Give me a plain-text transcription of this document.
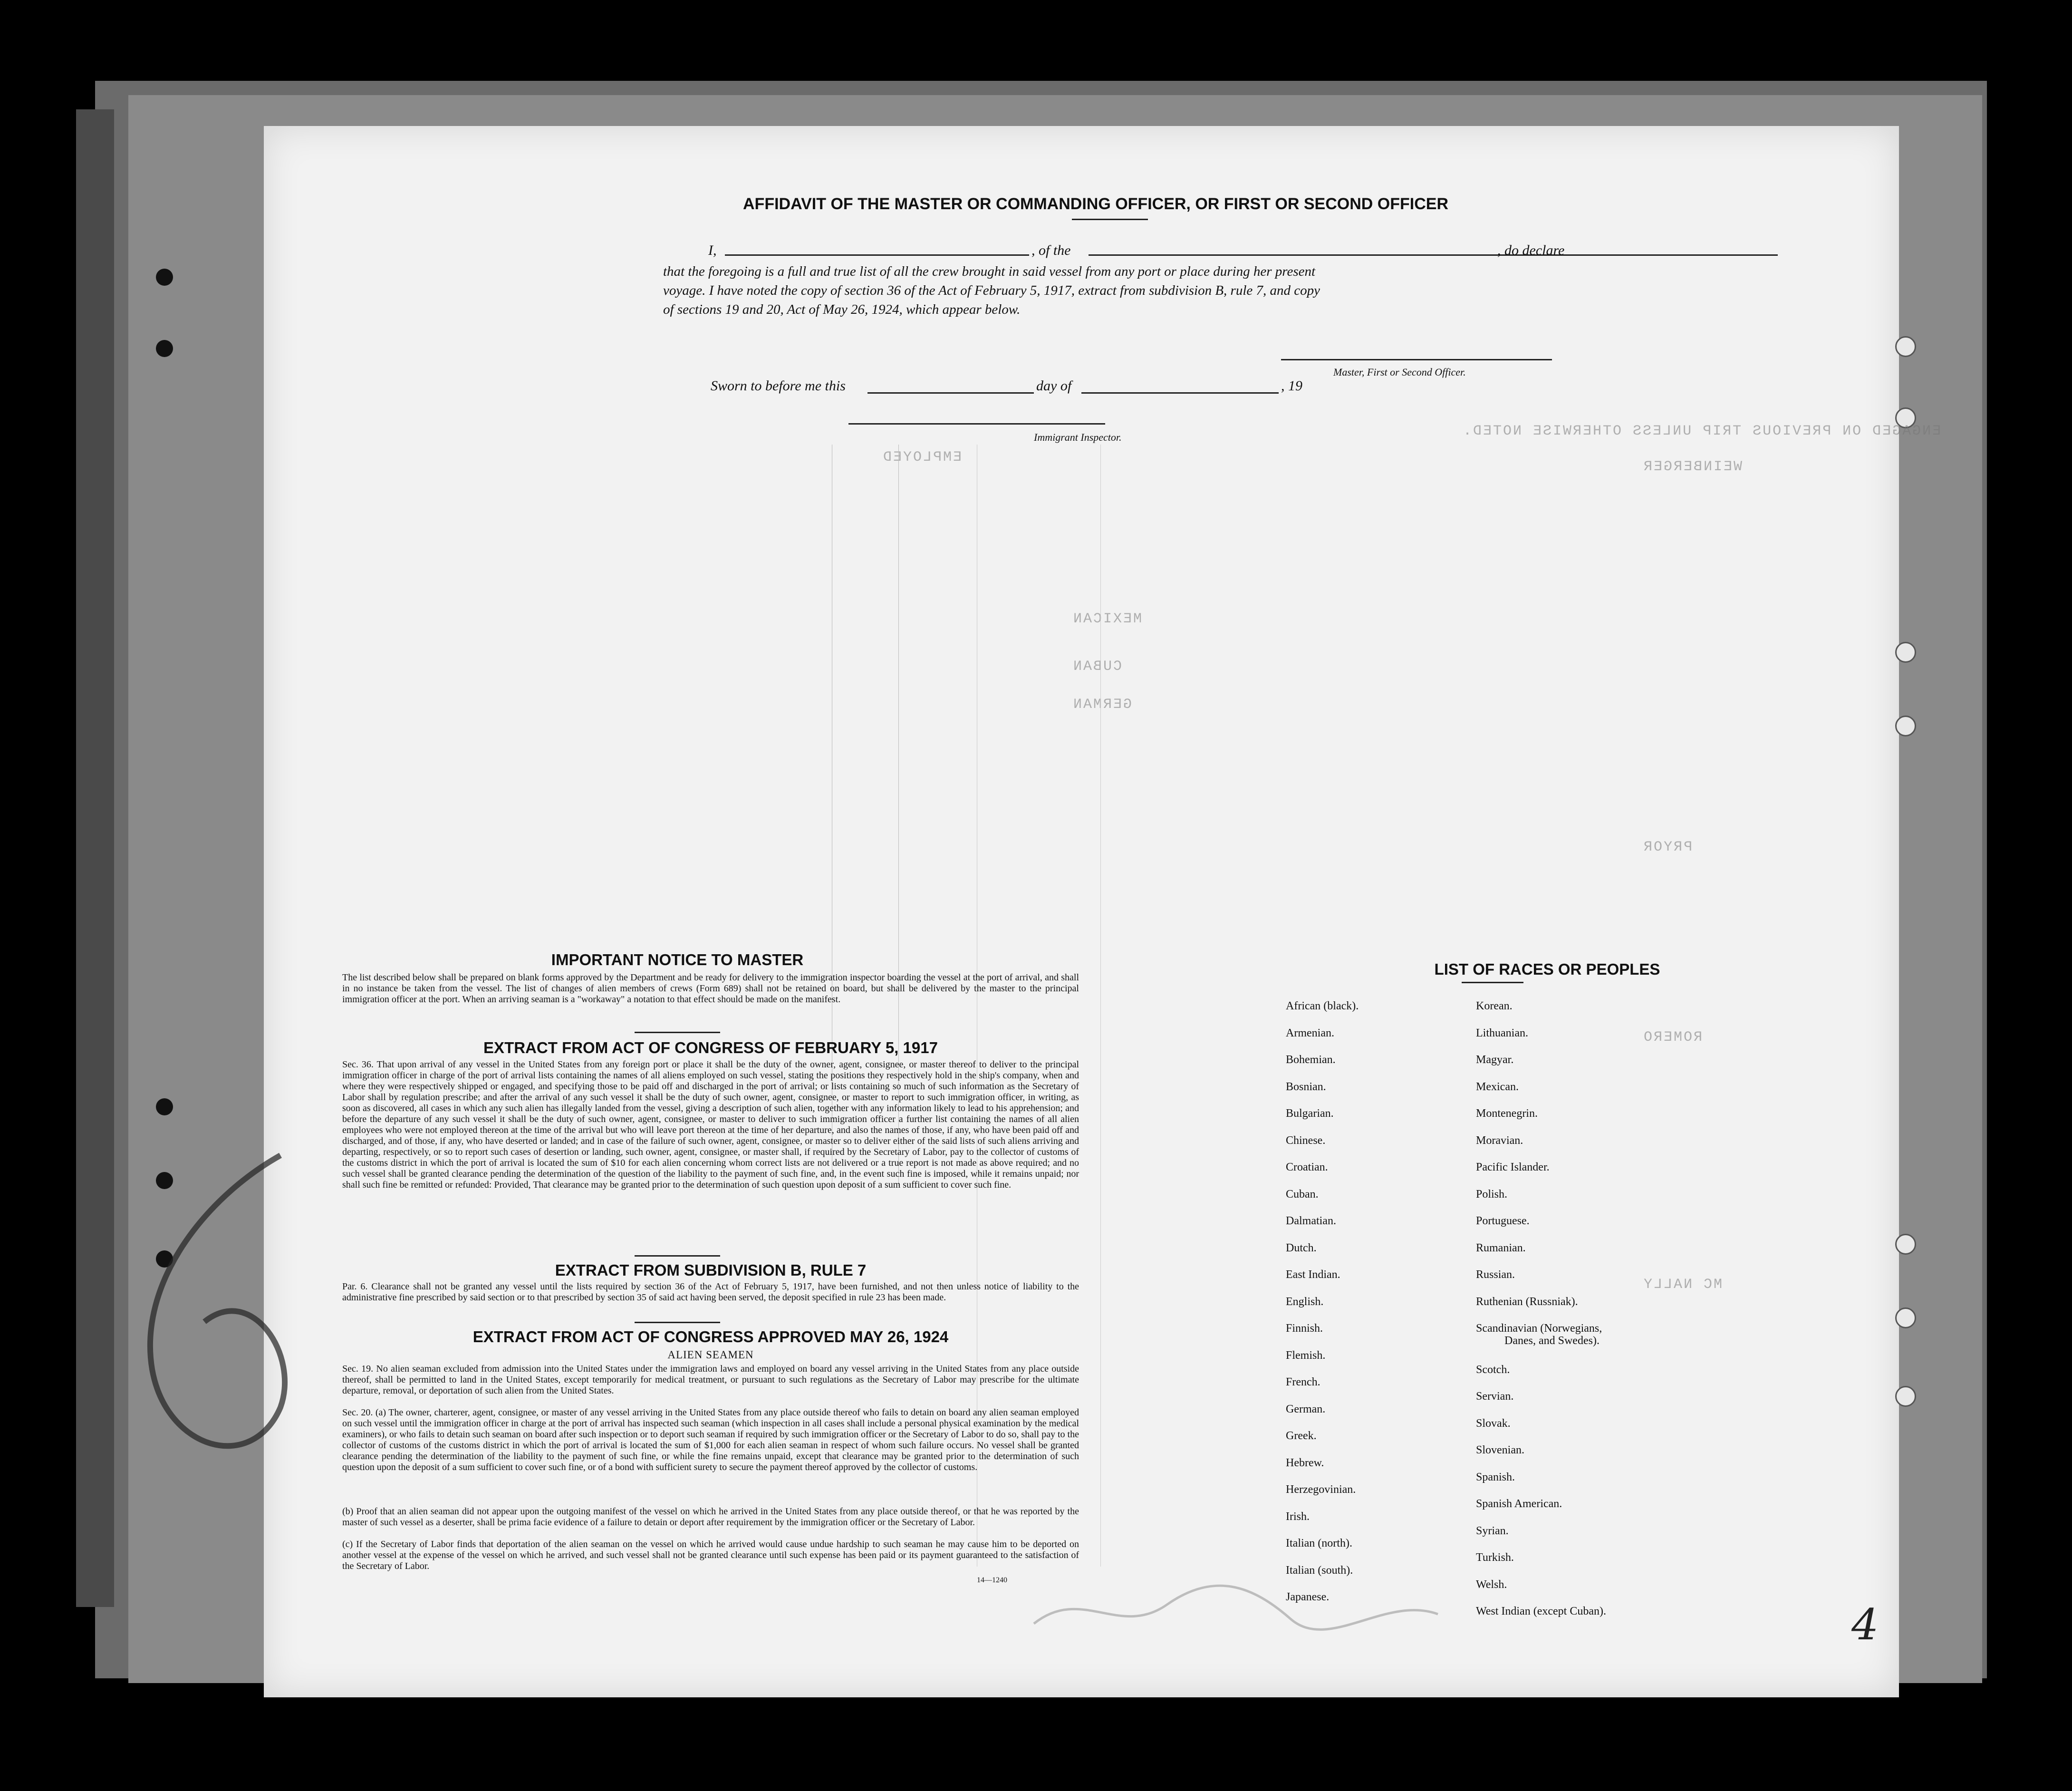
ENGAGED ON PREVIOUS TRIP UNLESS OTHERWISE NOTED.
EMPLOYED
MEXICAN
CUBAN
GERMAN
WEINBERGER
PRYOR
ROMERO
MC NALLY
AFFIDAVIT OF THE MASTER OR COMMANDING OFFICER, OR FIRST OR SECOND OFFICER
I,	, of the	, do declare
that the foregoing is a full and true list of all the crew brought in said vessel from any port or place during her present
voyage. I have noted the copy of section 36 of the Act of February 5, 1917, extract from subdivision B, rule 7, and copy
of sections 19 and 20, Act of May 26, 1924, which appear below.
Master, First or Second Officer.
Sworn to before me this	day of	, 19
Immigrant Inspector.
IMPORTANT NOTICE TO MASTER
The list described below shall be prepared on blank forms approved by the Department and be ready for delivery to the immigration inspector boarding the vessel at the port of arrival, and shall in no instance be taken from the vessel. The list of changes of alien members of crews (Form 689) shall not be retained on board, but shall be delivered by the master to the principal immigration officer at the port. When an arriving seaman is a "workaway" a notation to that effect should be made on the manifest.
EXTRACT FROM ACT OF CONGRESS OF FEBRUARY 5, 1917
Sec. 36. That upon arrival of any vessel in the United States from any foreign port or place it shall be the duty of the owner, agent, consignee, or master thereof to deliver to the principal immigration officer in charge of the port of arrival lists containing the names of all aliens employed on such vessel, stating the positions they respectively hold in the ship's company, when and where they were respectively shipped or engaged, and specifying those to be paid off and discharged in the port of arrival; or lists containing so much of such information as the Secretary of Labor shall by regulation prescribe; and after the arrival of any such vessel it shall be the duty of such owner, agent, consignee, or master to report to such immigration officer, in writing, as soon as discovered, all cases in which any such alien has illegally landed from the vessel, giving a description of such alien, together with any information likely to lead to his apprehension; and before the departure of any such vessel it shall be the duty of such owner, agent, consignee, or master to deliver to such immigration officer a further list containing the names of all alien employees who were not employed thereon at the time of the arrival but who will leave port thereon at the time of her departure, and also the names of those, if any, who have been paid off and discharged, and of those, if any, who have deserted or landed; and in case of the failure of such owner, agent, consignee, or master so to deliver either of the said lists of such aliens arriving and departing, respectively, or so to report such cases of desertion or landing, such owner, agent, consignee, or master shall, if required by the Secretary of Labor, pay to the collector of customs of the customs district in which the port of arrival is located the sum of $10 for each alien concerning whom correct lists are not delivered or a true report is not made as above required; and no such vessel shall be granted clearance pending the determination of the question of the liability to the payment of such fine, and, in the event such fine is imposed, while it remains unpaid; nor shall such fine be remitted or refunded: Provided, That clearance may be granted prior to the determination of such question upon deposit of a sum sufficient to cover such fine.
EXTRACT FROM SUBDIVISION B, RULE 7
Par. 6. Clearance shall not be granted any vessel until the lists required by section 36 of the Act of February 5, 1917, have been furnished, and not then unless notice of liability to the administrative fine prescribed by said section or to that prescribed by section 35 of said act having been served, the deposit specified in rule 23 has been made.
EXTRACT FROM ACT OF CONGRESS APPROVED MAY 26, 1924
ALIEN SEAMEN
Sec. 19. No alien seaman excluded from admission into the United States under the immigration laws and employed on board any vessel arriving in the United States from any place outside thereof, shall be permitted to land in the United States, except temporarily for medical treatment, or pursuant to such regulations as the Secretary of Labor may prescribe for the ultimate departure, removal, or deportation of such alien from the United States.
Sec. 20. (a) The owner, charterer, agent, consignee, or master of any vessel arriving in the United States from any place outside thereof who fails to detain on board any alien seaman employed on such vessel until the immigration officer in charge at the port of arrival has inspected such seaman (which inspection in all cases shall include a personal physical examination by the medical examiners), or who fails to detain such seaman on board after such inspection or to deport such seaman if required by such immigration officer or the Secretary of Labor to do so, shall pay to the collector of customs of the customs district in which the port of arrival is located the sum of $1,000 for each alien seaman in respect of whom such failure occurs. No vessel shall be granted clearance pending the determination of the liability to the payment of such fine, or while the fine remains unpaid, except that clearance may be granted prior to the determination of such question upon the deposit of a sum sufficient to cover such fine, or of a bond with sufficient surety to secure the payment thereof approved by the collector of customs.
(b) Proof that an alien seaman did not appear upon the outgoing manifest of the vessel on which he arrived in the United States from any place outside thereof, or that he was reported by the master of such vessel as a deserter, shall be prima facie evidence of a failure to detain or deport after requirement by the immigration officer or the Secretary of Labor.
(c) If the Secretary of Labor finds that deportation of the alien seaman on the vessel on which he arrived would cause undue hardship to such seaman he may cause him to be deported on another vessel at the expense of the vessel on which he arrived, and such vessel shall not be granted clearance until such expense has been paid or its payment guaranteed to the satisfaction of the Secretary of Labor.
14—1240
LIST OF RACES OR PEOPLES
African (black).
Armenian.
Bohemian.
Bosnian.
Bulgarian.
Chinese.
Croatian.
Cuban.
Dalmatian.
Dutch.
East Indian.
English.
Finnish.
Flemish.
French.
German.
Greek.
Hebrew.
Herzegovinian.
Irish.
Italian (north).
Italian (south).
Japanese.
Korean.
Lithuanian.
Magyar.
Mexican.
Montenegrin.
Moravian.
Pacific Islander.
Polish.
Portuguese.
Rumanian.
Russian.
Ruthenian (Russniak).
Scandinavian (Norwegians,
Danes, and Swedes).
Scotch.
Servian.
Slovak.
Slovenian.
Spanish.
Spanish American.
Syrian.
Turkish.
Welsh.
West Indian (except Cuban).	4
